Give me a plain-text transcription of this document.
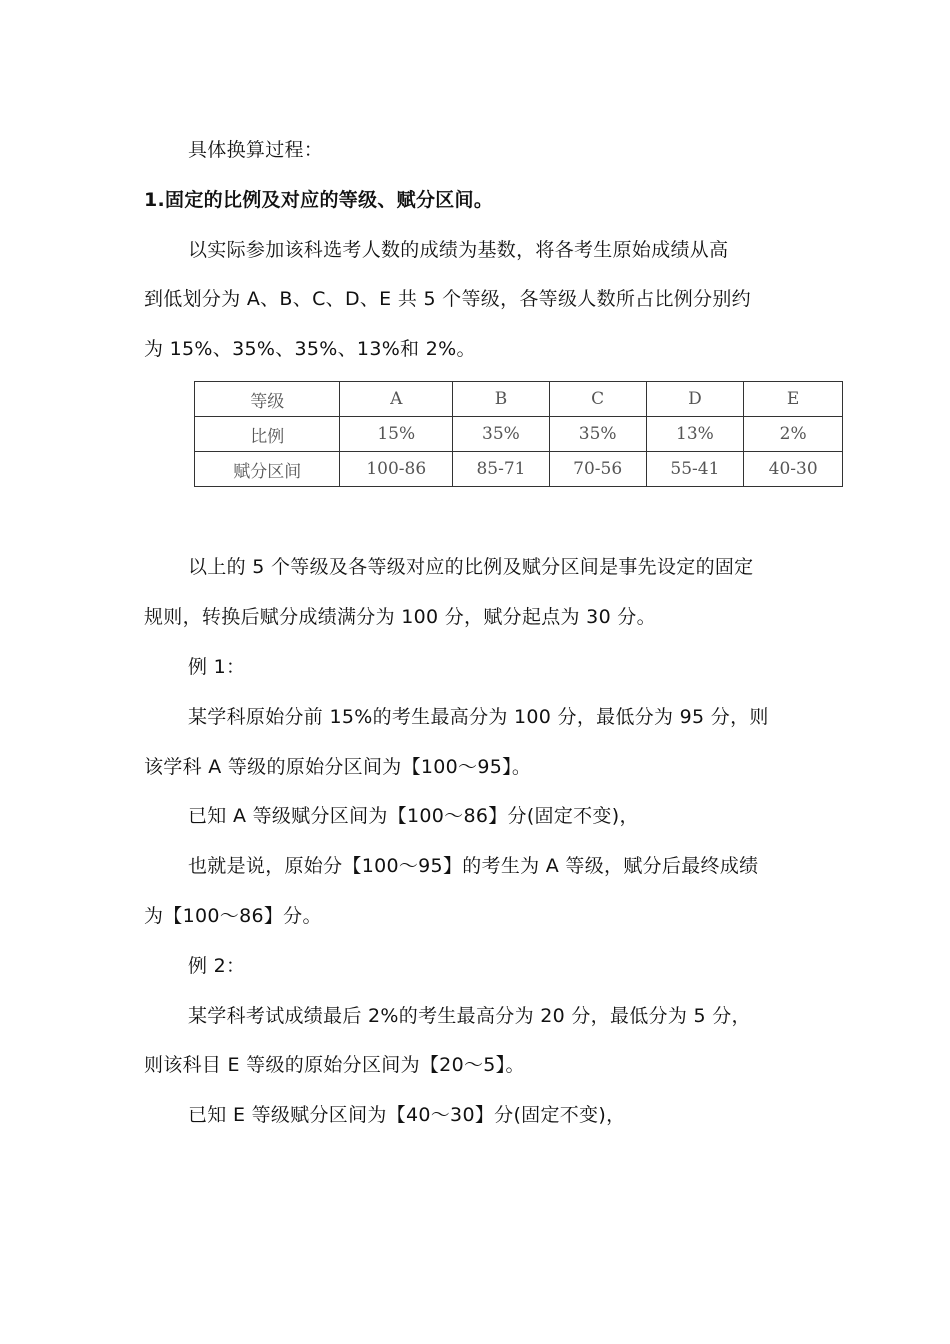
具体换算过程：
1.固定的比例及对应的等级、赋分区间。
以实际参加该科选考人数的成绩为基数，将各考生原始成绩从高
到低划分为 A、B、C、D、E 共 5 个等级，各等级人数所占比例分别约
为 15%、35%、35%、13%和 2%。
等级	A	B	C	D	E
比例	15%	35%	35%	13%	2%
赋分区间	100-86	85-71	70-56	55-41	40-30
以上的 5 个等级及各等级对应的比例及赋分区间是事先设定的固定
规则，转换后赋分成绩满分为 100 分，赋分起点为 30 分。
例 1：
某学科原始分前 15%的考生最高分为 100 分，最低分为 95 分，则
该学科 A 等级的原始分区间为【100～95】。
已知 A 等级赋分区间为【100～86】分(固定不变)，
也就是说，原始分【100～95】的考生为 A 等级，赋分后最终成绩
为【100～86】分。
例 2：
某学科考试成绩最后 2%的考生最高分为 20 分，最低分为 5 分，
则该科目 E 等级的原始分区间为【20～5】。
已知 E 等级赋分区间为【40～30】分(固定不变)，
